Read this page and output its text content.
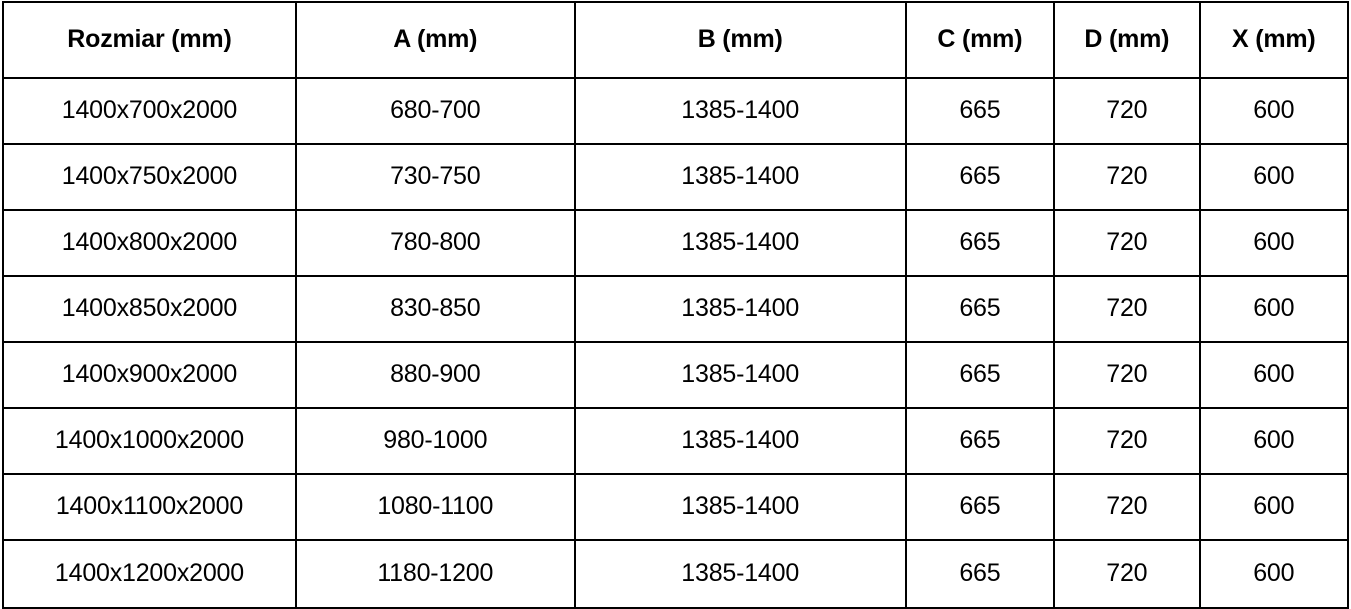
Rozmiar (mm)	A (mm)	B (mm)	C (mm)	D (mm)	X (mm)
1400x700x2000	680-700	1385-1400	665	720	600
1400x750x2000	730-750	1385-1400	665	720	600
1400x800x2000	780-800	1385-1400	665	720	600
1400x850x2000	830-850	1385-1400	665	720	600
1400x900x2000	880-900	1385-1400	665	720	600
1400x1000x2000	980-1000	1385-1400	665	720	600
1400x1100x2000	1080-1100	1385-1400	665	720	600
1400x1200x2000	1180-1200	1385-1400	665	720	600
